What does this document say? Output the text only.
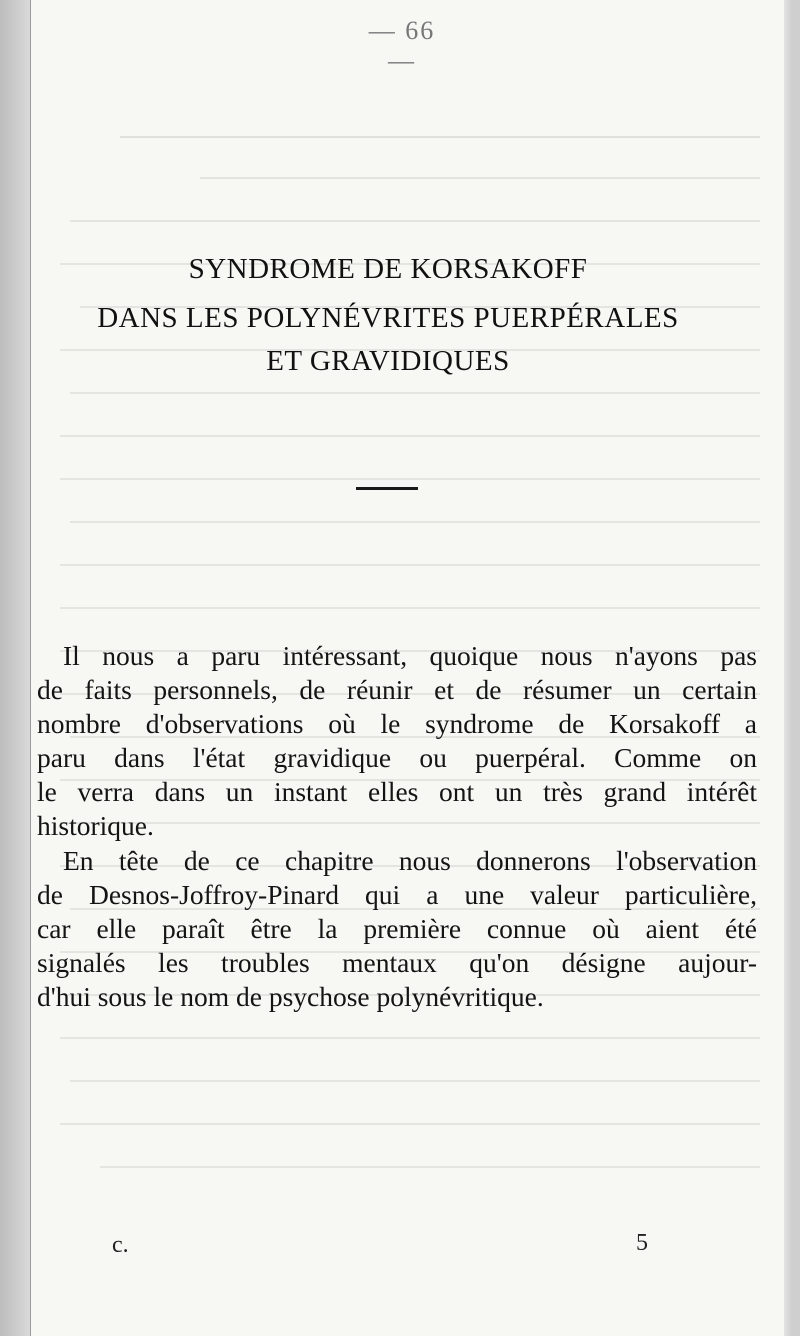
— 66 —
SYNDROME DE KORSAKOFF
DANS LES POLYNÉVRITES PUERPÉRALES
ET GRAVIDIQUES
Il nous a paru intéressant, quoique nous n'ayons pas
de faits personnels, de réunir et de résumer un certain
nombre d'observations où le syndrome de Korsakoff a
paru dans l'état gravidique ou puerpéral. Comme on
le verra dans un instant elles ont un très grand intérêt
historique.
En tête de ce chapitre nous donnerons l'observation
de Desnos-Joffroy-Pinard qui a une valeur particulière,
car elle paraît être la première connue où aient été
signalés les troubles mentaux qu'on désigne aujour-
d'hui sous le nom de psychose polynévritique.
c.	5
